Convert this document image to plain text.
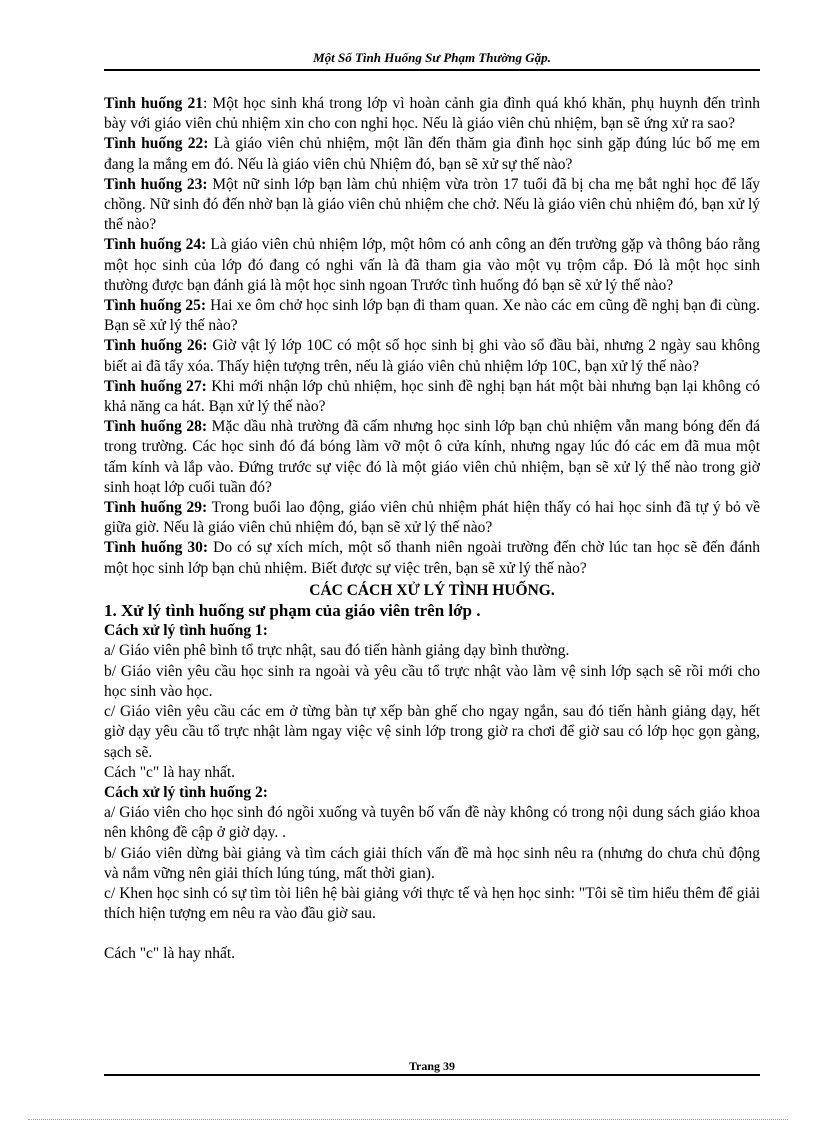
Một Số Tình Huống Sư Phạm Thường Gặp.

Tình huống 21: Một học sinh khá trong lớp vì hoàn cảnh gia đình quá khó khăn, phụ huynh đến trình bày với giáo viên chủ nhiệm xin cho con nghỉ học. Nếu là giáo viên chủ nhiệm, bạn sẽ ứng xử ra sao?

Tình huống 22: Là giáo viên chủ nhiệm, một lần đến thăm gia đình học sinh gặp đúng lúc bố mẹ em đang la mắng em đó. Nếu là giáo viên chủ Nhiệm đó, bạn sẽ xử sự thế nào?

Tình huống 23: Một nữ sinh lớp bạn làm chủ nhiệm vừa tròn 17 tuổi đã bị cha mẹ bắt nghỉ học để lấy chồng. Nữ sinh đó đến nhờ bạn là giáo viên chủ nhiệm che chở. Nếu là giáo viên chủ nhiệm đó, bạn xử lý thế nào?

Tình huống 24: Là giáo viên chủ nhiệm lớp, một hôm có anh công an đến trường gặp và thông báo rằng một học sinh của lớp đó đang có nghi vấn là đã tham gia vào một vụ trộm cắp. Đó là một học sinh thường được bạn đánh giá là một học sinh ngoan Trước tình huống đó bạn sẽ xử lý thế nào?

Tình huống 25: Hai xe ôm chở học sinh lớp bạn đi tham quan. Xe nào các em cũng đề nghị bạn đi cùng. Bạn sẽ xử lý thế nào?

Tình huống 26: Giờ vật lý lớp 10C có một số học sinh bị ghi vào sổ đầu bài, nhưng 2 ngày sau không biết ai đã tẩy xóa. Thấy hiện tượng trên, nếu là giáo viên chủ nhiệm lớp 10C, bạn xử lý thế nào?

Tình huống 27: Khi mới nhận lớp chủ nhiệm, học sinh đề nghị bạn hát một bài nhưng bạn lại không có khả năng ca hát. Bạn xử lý thế nào?

Tình huống 28: Mặc dầu nhà trường đã cấm nhưng học sinh lớp bạn chủ nhiệm vẫn mang bóng đến đá trong trường. Các học sinh đó đá bóng làm vỡ một ô cửa kính, nhưng ngay lúc đó các em đã mua một tấm kính và lắp vào. Đứng trước sự việc đó là một giáo viên chủ nhiệm, bạn sẽ xử lý thế nào trong giờ sinh hoạt lớp cuối tuần đó?

Tình huống 29: Trong buổi lao động, giáo viên chủ nhiệm phát hiện thấy có hai học sinh đã tự ý bỏ về giữa giờ. Nếu là giáo viên chủ nhiệm đó, bạn sẽ xử lý thế nào?

Tình huống 30: Do có sự xích mích, một số thanh niên ngoài trường đến chờ lúc tan học sẽ đến đánh một học sinh lớp bạn chủ nhiệm. Biết được sự việc trên, bạn sẽ xử lý thế nào?

CÁC CÁCH XỬ LÝ TÌNH HUỐNG.

1. Xử lý tình huống sư phạm của giáo viên trên lớp .

Cách xử lý tình huống 1:

a/ Giáo viên phê bình tổ trực nhật, sau đó tiến hành giảng dạy bình thường.

b/ Giáo viên yêu cầu học sinh ra ngoài và yêu cầu tổ trực nhật vào làm vệ sinh lớp sạch sẽ rồi mới cho học sinh vào học.

c/ Giáo viên yêu cầu các em ở từng bàn tự xếp bàn ghế cho ngay ngắn, sau đó tiến hành giảng dạy, hết giờ dạy yêu cầu tổ trực nhật làm ngay việc vệ sinh lớp trong giờ ra chơi để giờ sau có lớp học gọn gàng, sạch sẽ.

Cách "c" là hay nhất.

Cách xử lý tình huống 2:

a/ Giáo viên cho học sinh đó ngồi xuống và tuyên bố vấn đề này không có trong nội dung sách giáo khoa nên không đề cập ở giờ dạy. .

b/ Giáo viên dừng bài giảng và tìm cách giải thích vấn đề mà học sinh nêu ra (nhưng do chưa chủ động và nắm vững nên giải thích lúng túng, mất thời gian).

c/ Khen học sinh có sự tìm tòi liên hệ bài giảng với thực tế và hẹn học sinh: "Tôi sẽ tìm hiểu thêm để giải thích hiện tượng em nêu ra vào đầu giờ sau.

Cách "c" là hay nhất.

Trang 39
